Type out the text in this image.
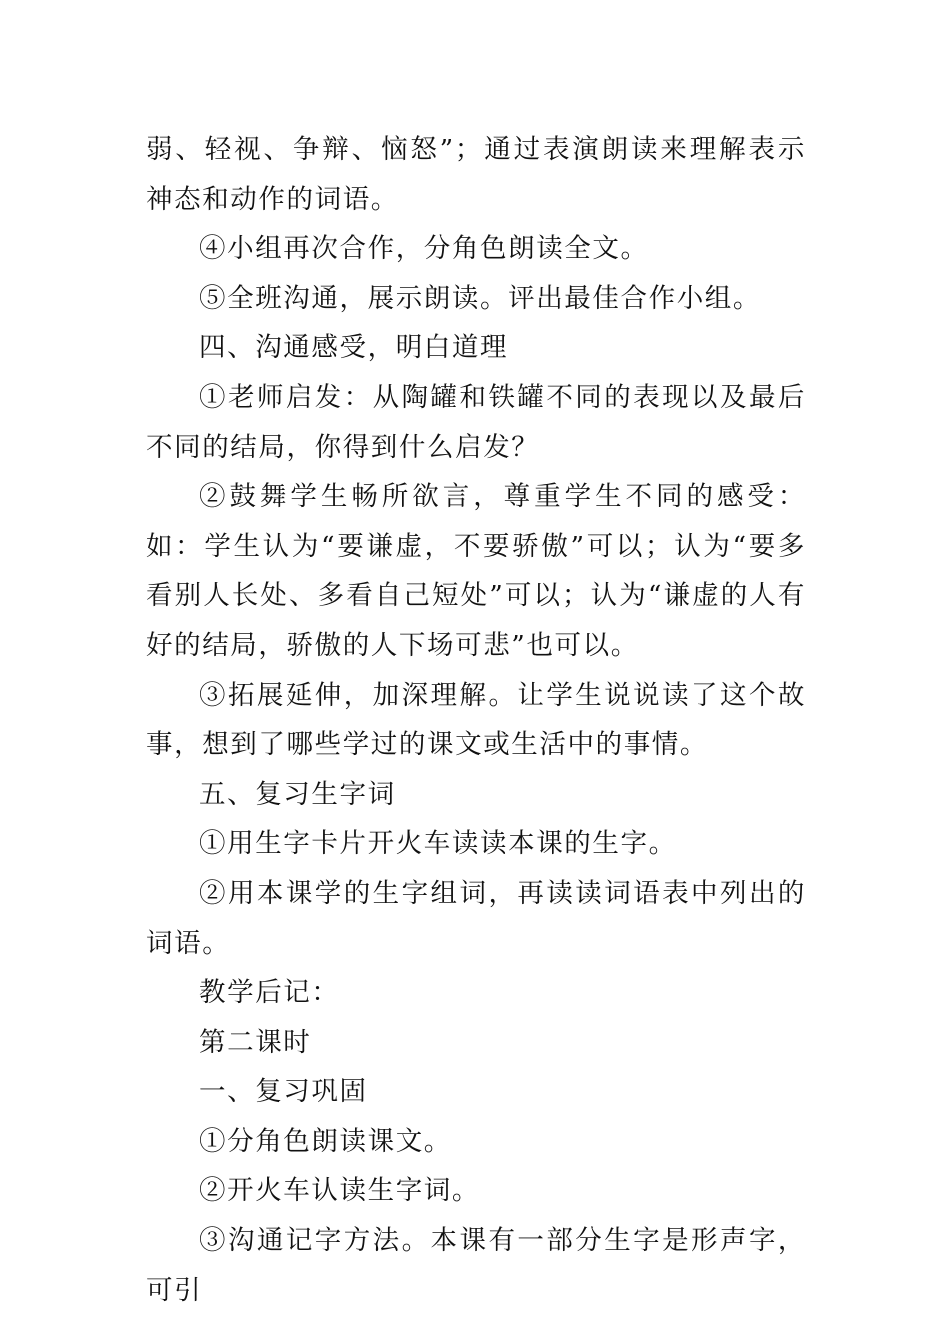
弱、轻视、争辩、恼怒”；通过表演朗读来理解表示神态和动作的词语。

④小组再次合作，分角色朗读全文。

⑤全班沟通，展示朗读。评出最佳合作小组。

四、沟通感受，明白道理

①老师启发：从陶罐和铁罐不同的表现以及最后不同的结局，你得到什么启发？

②鼓舞学生畅所欲言，尊重学生不同的感受：如：学生认为“要谦虚，不要骄傲”可以；认为“要多看别人长处、多看自己短处”可以；认为“谦虚的人有好的结局，骄傲的人下场可悲”也可以。

③拓展延伸，加深理解。让学生说说读了这个故事，想到了哪些学过的课文或生活中的事情。

五、复习生字词

①用生字卡片开火车读读本课的生字。

②用本课学的生字组词，再读读词语表中列出的词语。

教学后记：

第二课时

一、复习巩固

①分角色朗读课文。

②开火车认读生字词。

③沟通记字方法。本课有一部分生字是形声字，可引
